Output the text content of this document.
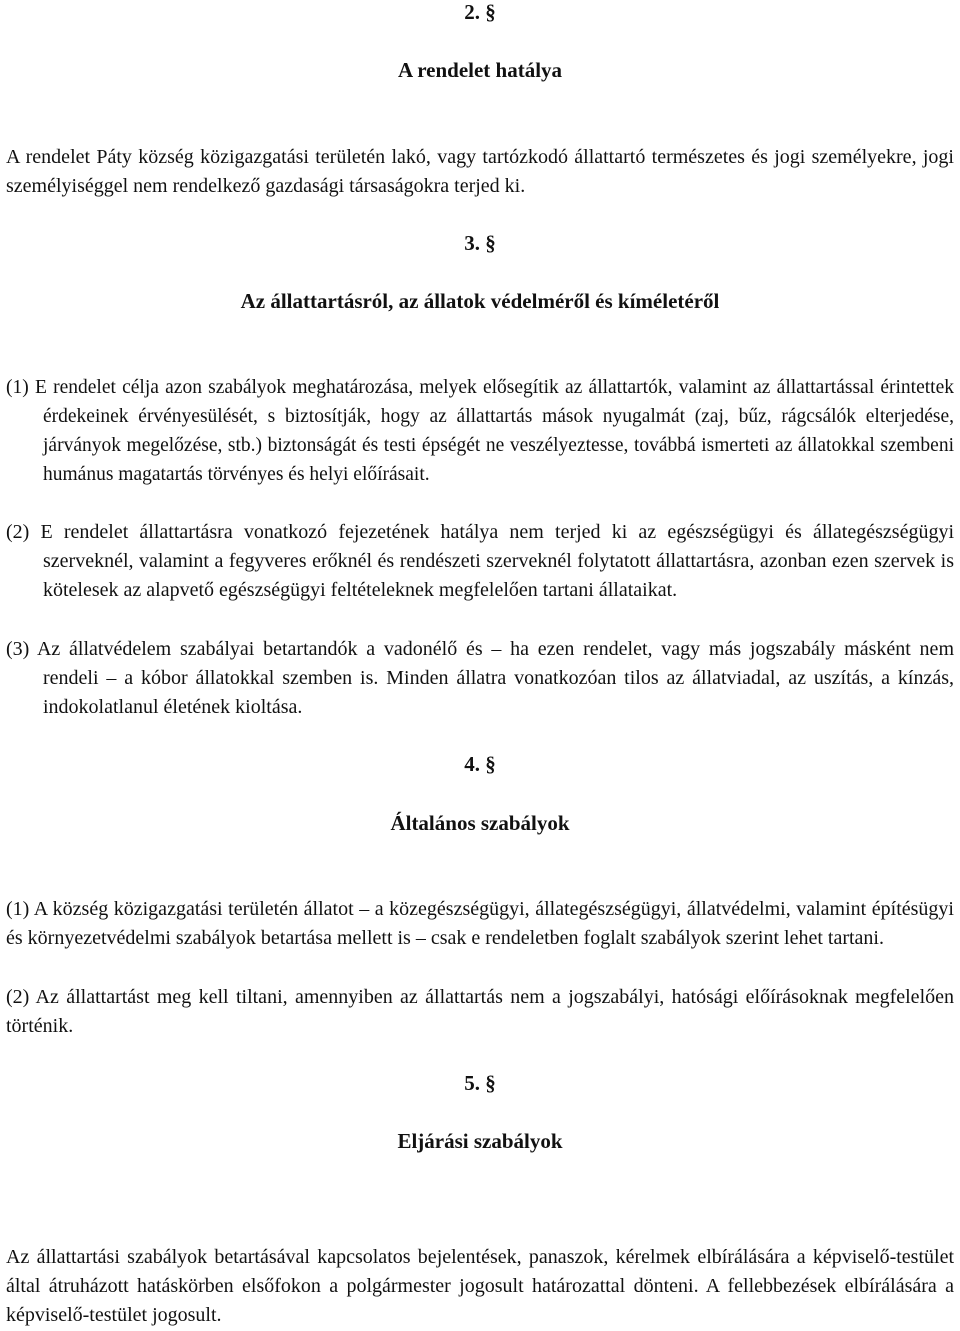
2. §
A rendelet hatálya

A rendelet Páty község közigazgatási területén lakó, vagy tartózkodó állattartó természetes és jogi személyekre, jogi személyiséggel nem rendelkező gazdasági társaságokra terjed ki.

3. §
Az állattartásról, az állatok védelméről és kíméletéről

(1) E rendelet célja azon szabályok meghatározása, melyek elősegítik az állattartók, valamint az állattartással érintettek érdekeinek érvényesülését, s biztosítják, hogy az állattartás mások nyugalmát (zaj, bűz, rágcsálók elterjedése, járványok megelőzése, stb.) biztonságát és testi épségét ne veszélyeztesse, továbbá ismerteti az állatokkal szembeni humánus magatartás törvényes és helyi előírásait.

(2) E rendelet állattartásra vonatkozó fejezetének hatálya nem terjed ki az egészségügyi és állategészségügyi szerveknél, valamint a fegyveres erőknél és rendészeti szerveknél folytatott állattartásra, azonban ezen szervek is kötelesek az alapvető egészségügyi feltételeknek megfelelően tartani állataikat.

(3) Az állatvédelem szabályai betartandók a vadonélő és – ha ezen rendelet, vagy más jogszabály másként nem rendeli – a kóbor állatokkal szemben is. Minden állatra vonatkozóan tilos az állatviadal, az uszítás, a kínzás, indokolatlanul életének kioltása.

4. §
Általános szabályok

(1) A község közigazgatási területén állatot – a közegészségügyi, állategészségügyi, állatvédelmi, valamint építésügyi és környezetvédelmi szabályok betartása mellett is – csak e rendeletben foglalt szabályok szerint lehet tartani.

(2) Az állattartást meg kell tiltani, amennyiben az állattartás nem a jogszabályi, hatósági előírásoknak megfelelően történik.

5. §
Eljárási szabályok

Az állattartási szabályok betartásával kapcsolatos bejelentések, panaszok, kérelmek elbírálására a képviselő-testület által átruházott hatáskörben elsőfokon a polgármester jogosult határozattal dönteni. A fellebbezések elbírálására a képviselő-testület jogosult.
